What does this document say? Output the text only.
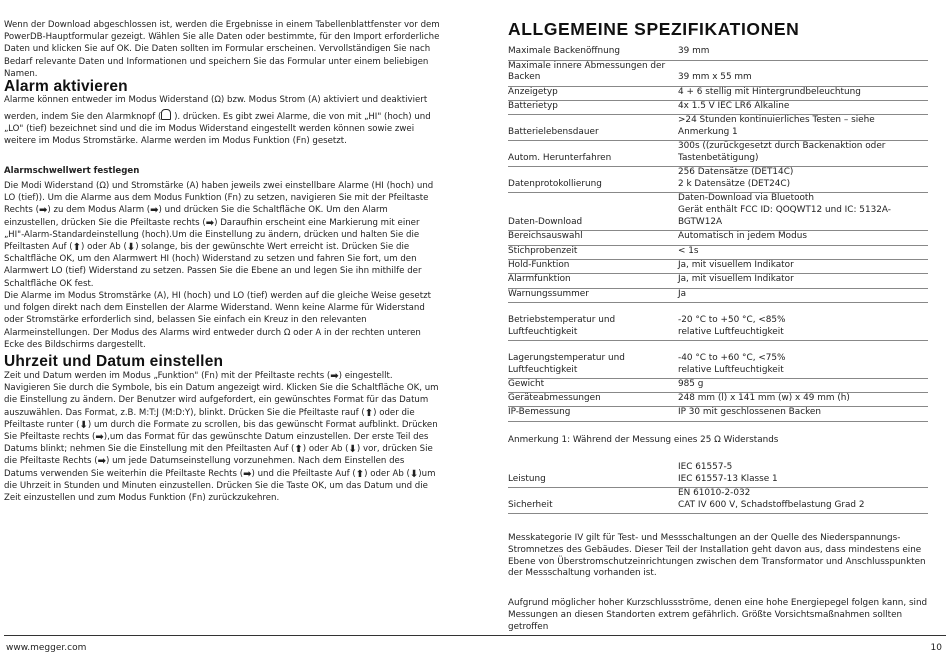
Wenn der Download abgeschlossen ist, werden die Ergebnisse in einem Tabellenblattfenster vor dem PowerDB-Hauptformular gezeigt. Wählen Sie alle Daten oder bestimmte, für den Import erforderliche Daten und klicken Sie auf OK. Die Daten sollten im Formular erscheinen. Vervollständigen Sie nach Bedarf relevante Daten und Informationen und speichern Sie das Formular unter einem beliebigen Namen.

Alarm aktivieren

Alarme können entweder im Modus Widerstand (Ω) bzw. Modus Strom (A) aktiviert und deaktiviert

werden, indem Sie den Alarmknopf ( ). drücken. Es gibt zwei Alarme, die von mit „HI" (hoch) und „LO" (tief) bezeichnet sind und die im Modus Widerstand eingestellt werden können sowie zwei weitere im Modus Stromstärke. Alarme werden im Modus Funktion (Fn) gesetzt.

Alarmschwellwert festlegen

Die Modi Widerstand (Ω) und Stromstärke (A) haben jeweils zwei einstellbare Alarme (HI (hoch) und LO (tief)). Um die Alarme aus dem Modus Funktion (Fn) zu setzen, navigieren Sie mit der Pfeiltaste Rechts (➡) zu dem Modus Alarm (➡) und drücken Sie die Schaltfläche OK. Um den Alarm einzustellen, drücken Sie die Pfeiltaste rechts (➡) Daraufhin erscheint eine Markierung mit einer „HI"-Alarm-Standardeinstellung (hoch).Um die Einstellung zu ändern, drücken und halten Sie die Pfeiltasten Auf (⬆) oder Ab (⬇) solange, bis der gewünschte Wert erreicht ist. Drücken Sie die Schaltfläche OK, um den Alarmwert HI (hoch) Widerstand zu setzen und fahren Sie fort, um den Alarmwert LO (tief) Widerstand zu setzen. Passen Sie die Ebene an und legen Sie ihn mithilfe der Schaltfläche OK fest.

Die Alarme im Modus Stromstärke (A), HI (hoch) und LO (tief) werden auf die gleiche Weise gesetzt und folgen direkt nach dem Einstellen der Alarme Widerstand. Wenn keine Alarme für Widerstand oder Stromstärke erforderlich sind, belassen Sie einfach ein Kreuz in den relevanten Alarmeinstellungen. Der Modus des Alarms wird entweder durch Ω oder A in der rechten unteren Ecke des Bildschirms dargestellt.

Uhrzeit und Datum einstellen

Zeit und Datum werden im Modus „Funktion" (Fn) mit der Pfeiltaste rechts (➡) eingestellt. Navigieren Sie durch die Symbole, bis ein Datum angezeigt wird. Klicken Sie die Schaltfläche OK, um die Einstellung zu ändern. Der Benutzer wird aufgefordert, ein gewünschtes Format für das Datum auszuwählen. Das Format, z.B. M:T:J (M:D:Y), blinkt. Drücken Sie die Pfeiltaste rauf (⬆) oder die Pfeiltaste runter (⬇) um durch die Formate zu scrollen, bis das gewünscht Format aufblinkt. Drücken Sie Pfeiltaste rechts (➡),um das Format für das gewünschte Datum einzustellen. Der erste Teil des Datums blinkt; nehmen Sie die Einstellung mit den Pfeiltasten Auf (⬆) oder Ab (⬇) vor, drücken Sie die Pfeiltaste Rechts (➡) um jede Datumseinstellung vorzunehmen. Nach dem Einstellen des Datums verwenden Sie weiterhin die Pfeiltaste Rechts (➡) und die Pfeiltaste Auf (⬆) oder Ab (⬇)um die Uhrzeit in Stunden und Minuten einzustellen. Drücken Sie die Taste OK, um das Datum und die Zeit einzustellen und zum Modus Funktion (Fn) zurückzukehren.

ALLGEMEINE SPEZIFIKATIONEN
Maximale Backenöffnung	39 mm
Maximale innere Abmessungen der Backen	39 mm x 55 mm
Anzeigetyp	4 + 6 stellig mit Hintergrundbeleuchtung
Batterietyp	4x 1.5 V IEC LR6 Alkaline
Batterielebensdauer	>24 Stunden kontinuierliches Testen – siehe Anmerkung 1
Autom. Herunterfahren	300s ((zurückgesetzt durch Backenaktion oder Tastenbetätigung)
Datenprotokollierung	256 Datensätze (DET14C)
2 k Datensätze (DET24C)
Daten-Download	Daten-Download via Bluetooth
Gerät enthält FCC ID: QOQWT12 und IC: 5132A-BGTW12A
Bereichsauswahl	Automatisch in jedem Modus
Stichprobenzeit	< 1s
Hold-Funktion	Ja, mit visuellem Indikator
Alarmfunktion	Ja, mit visuellem Indikator
Warnungssummer	Ja
Betriebstemperatur und Luftfeuchtigkeit	-20 °C to +50 °C, <85%
relative Luftfeuchtigkeit
Lagerungstemperatur und Luftfeuchtigkeit	-40 °C to +60 °C, <75%
relative Luftfeuchtigkeit
Gewicht	985 g
Geräteabmessungen	248 mm (l) x 141 mm (w) x 49 mm (h)
IP-Bemessung	IP 30 mit geschlossenen Backen

Anmerkung 1: Während der Messung eines 25 Ω Widerstands

Leistung	IEC 61557-5
IEC 61557-13 Klasse 1
Sicherheit	EN 61010-2-032
CAT IV 600 V, Schadstoffbelastung Grad 2

Messkategorie IV gilt für Test- und Messschaltungen an der Quelle des Niederspannungs-Stromnetzes des Gebäudes. Dieser Teil der Installation geht davon aus, dass mindestens eine Ebene von Überstromschutzeinrichtungen zwischen dem Transformator und Anschlusspunkten der Messschaltung vorhanden ist.

Aufgrund möglicher hoher Kurzschlussströme, denen eine hohe Energiepegel folgen kann, sind Messungen an diesen Standorten extrem gefährlich. Größte Vorsichtsmaßnahmen sollten getroffen

www.megger.com	10
